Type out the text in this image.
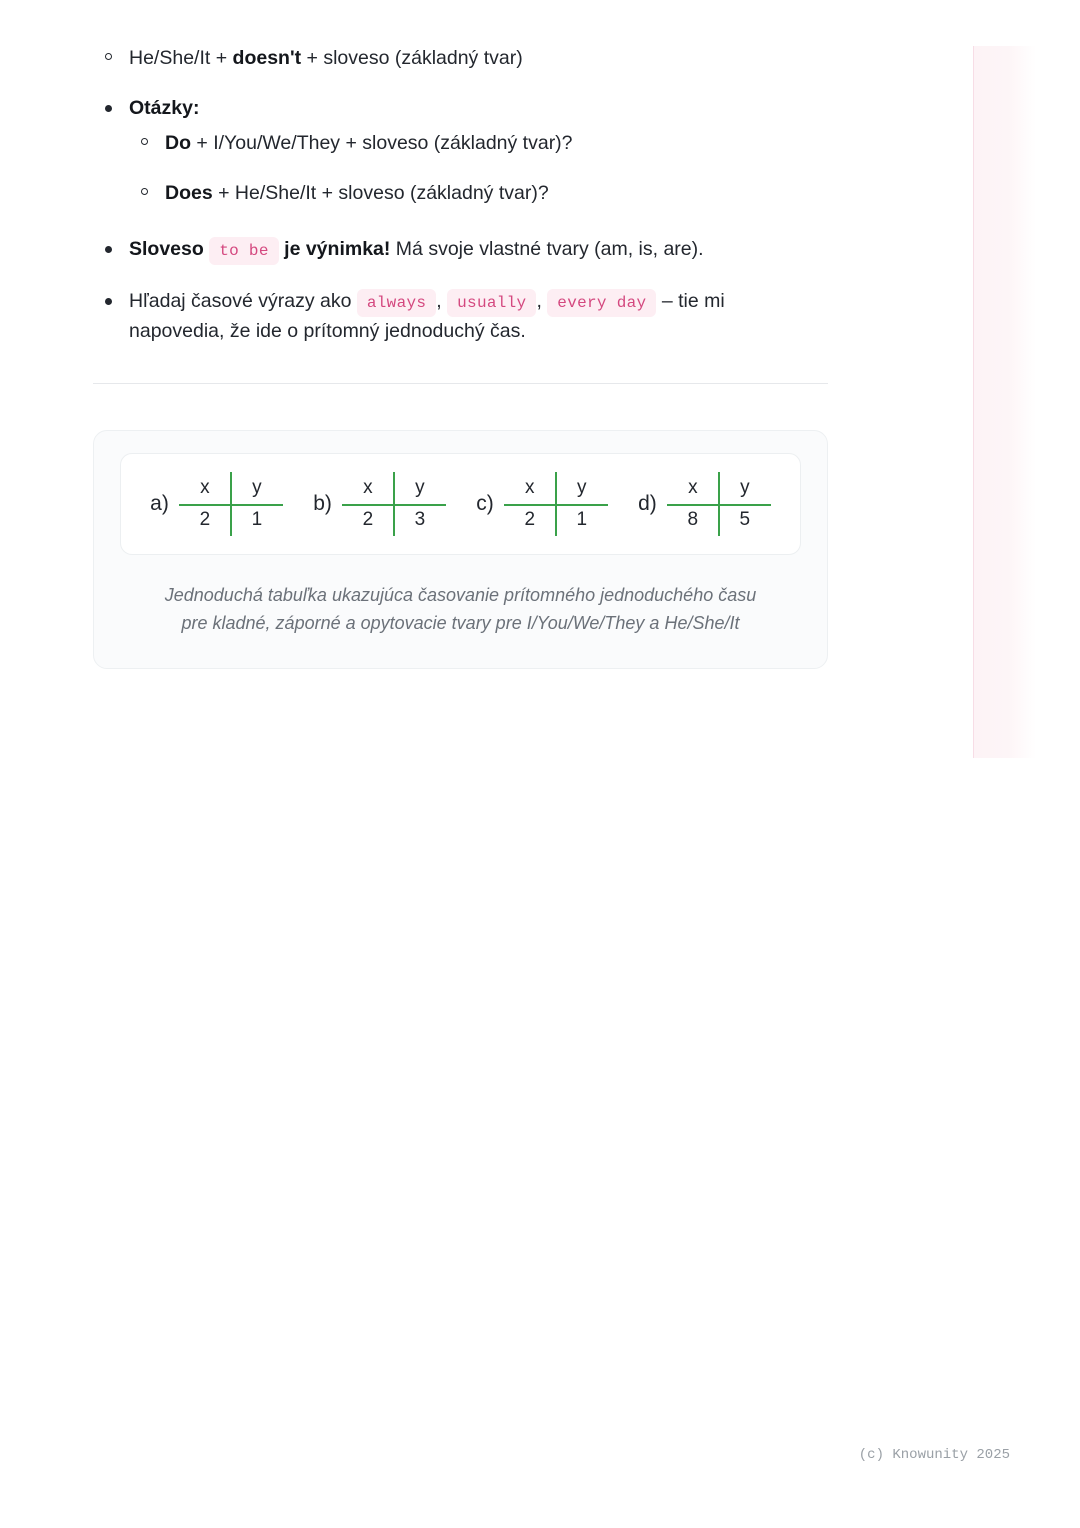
He/She/It + doesn't + sloveso (základný tvar)
Otázky:
Do + I/You/We/They + sloveso (základný tvar)?
Does + He/She/It + sloveso (základný tvar)?
Sloveso to be je výnimka! Má svoje vlastné tvary (am, is, are).
Hľadaj časové výrazy ako always , usually , every day – tie mi
napovedia, že ide o prítomný jednoduchý čas.
a)
x	y
2	1
b)
x	y
2	3
c)
x	y
2	1
d)
x	y
8	5
Jednoduchá tabuľka ukazujúca časovanie prítomného jednoduchého času
pre kladné, záporné a opytovacie tvary pre I/You/We/They a He/She/It
(c) Knowunity 2025
